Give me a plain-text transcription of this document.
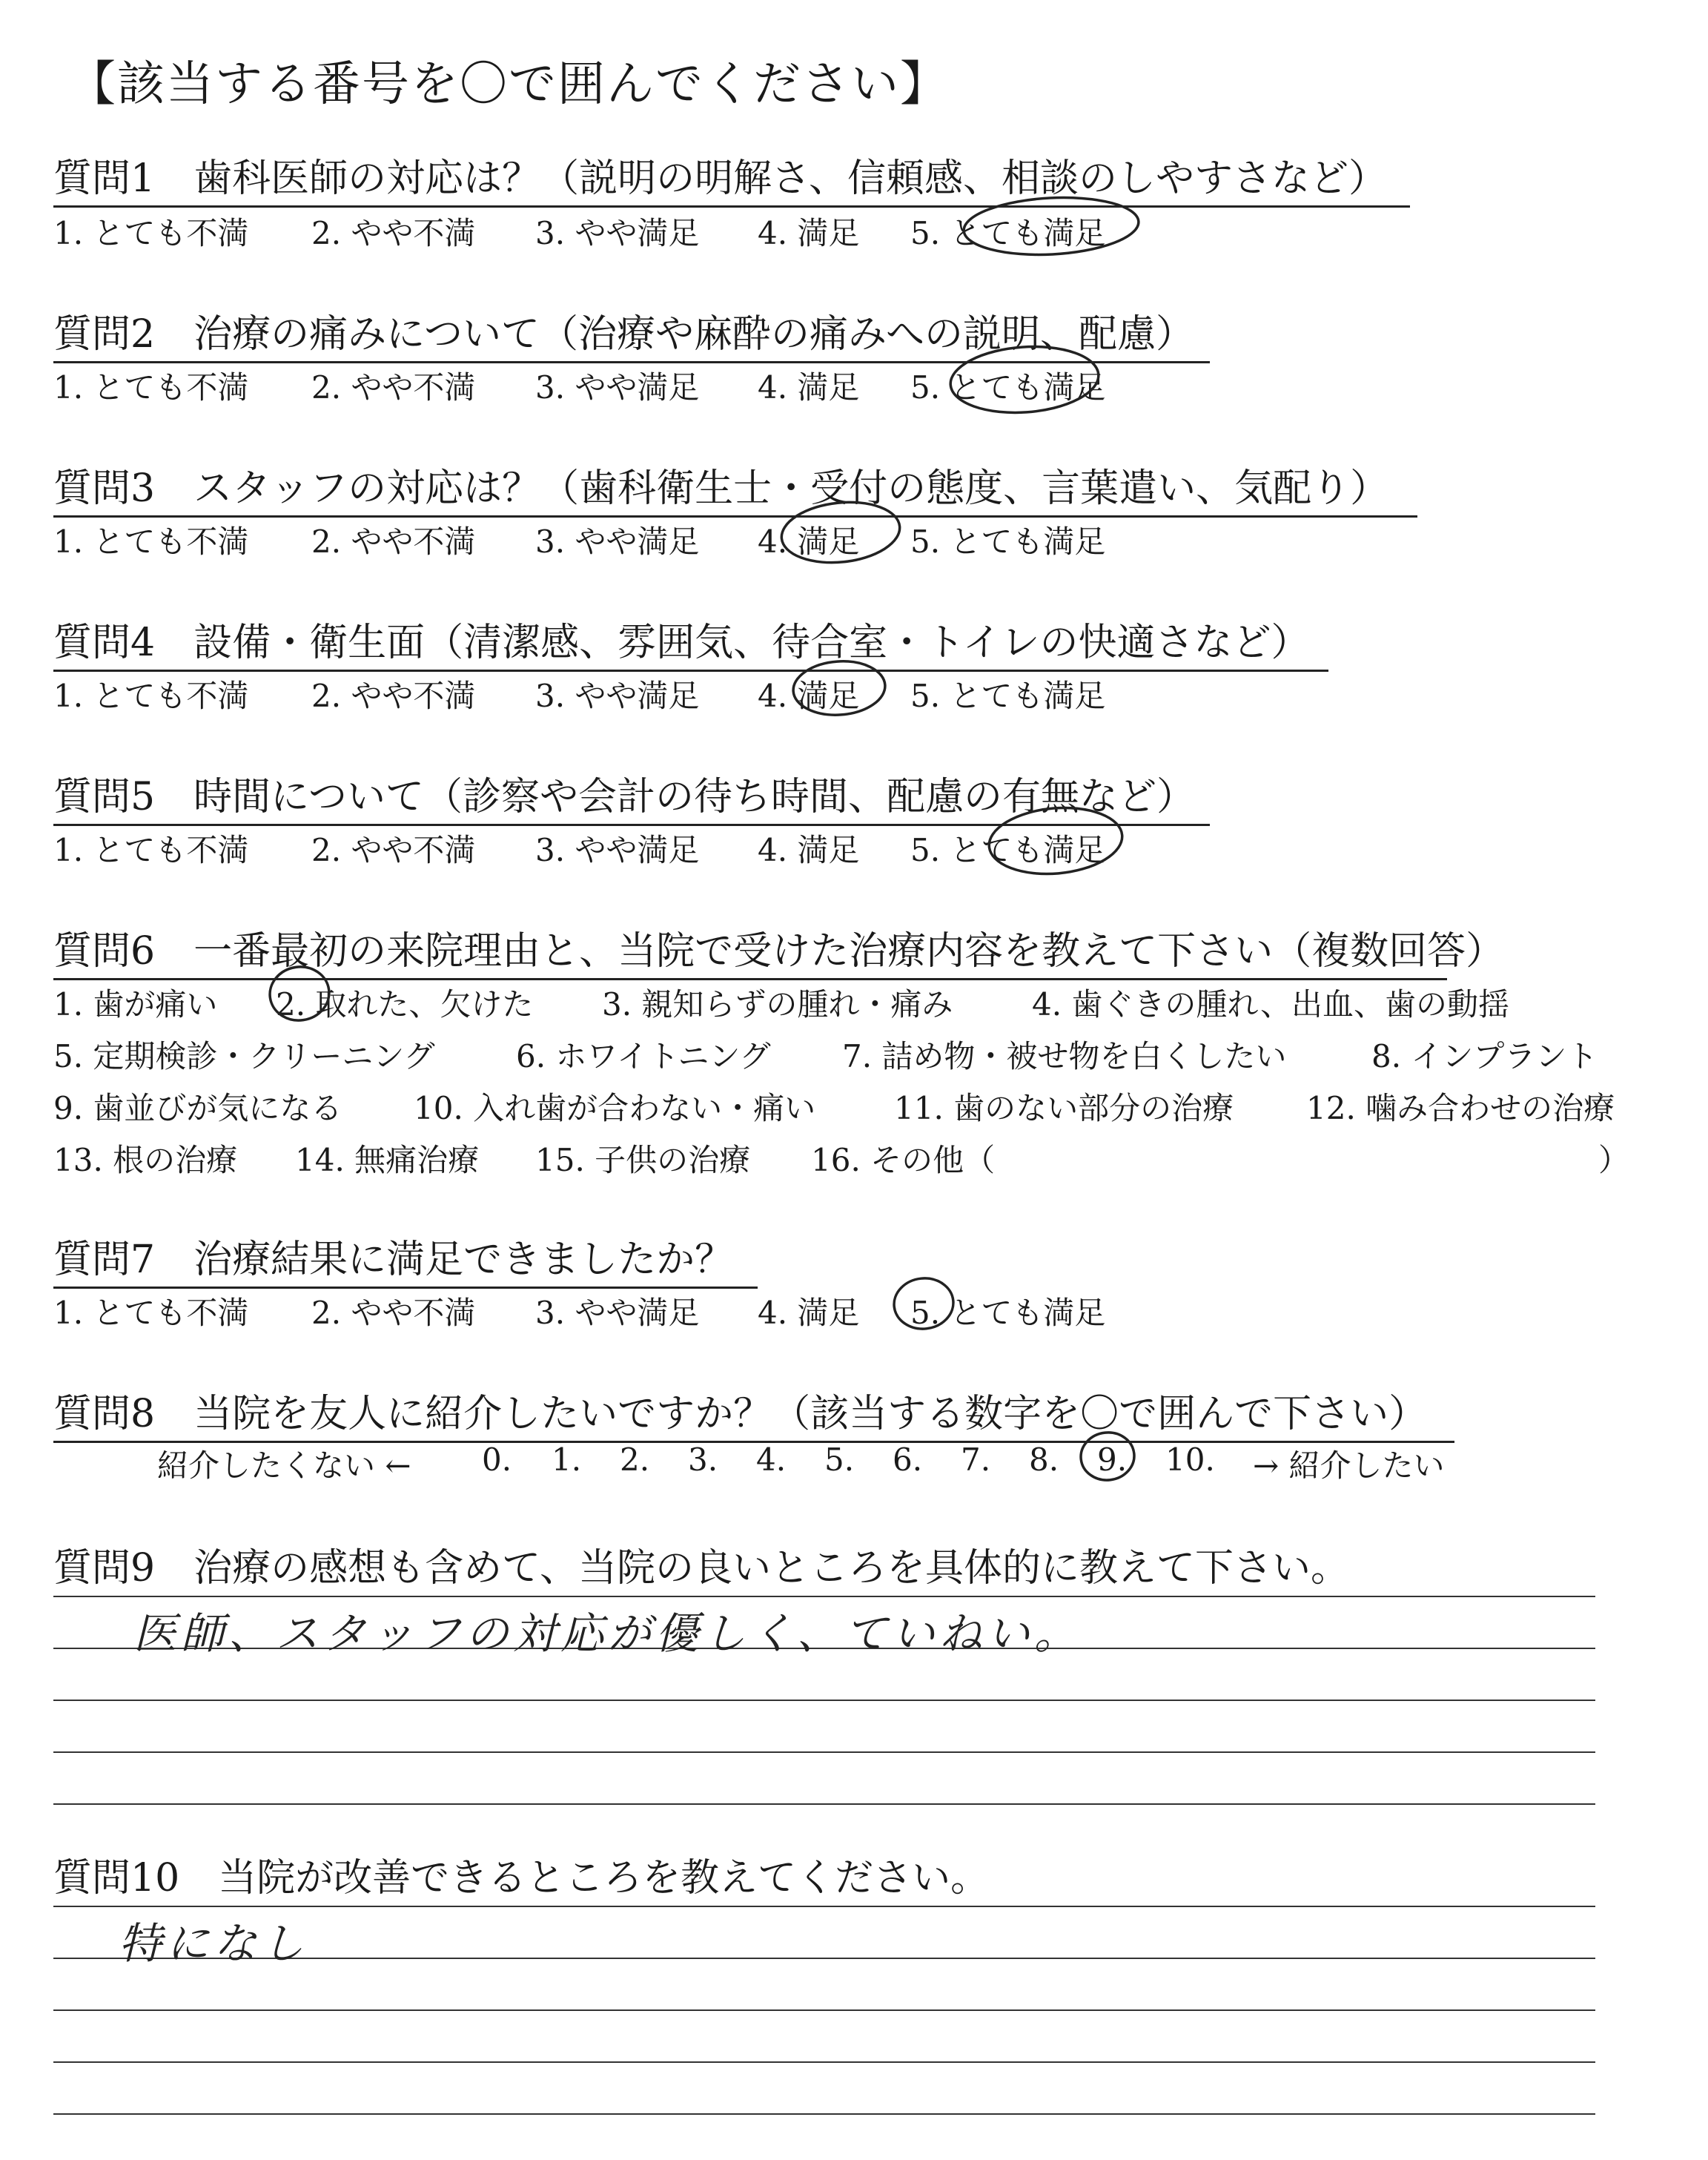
【該当する番号を〇で囲んでください】
質問1　歯科医師の対応は？（説明の明解さ、信頼感、相談のしやすさなど）
1. とても不満 2. やや不満 3. やや満足 4. 満足 5. とても満足
質問2　治療の痛みについて（治療や麻酔の痛みへの説明、配慮）
1. とても不満 2. やや不満 3. やや満足 4. 満足 5. とても満足
質問3　スタッフの対応は？（歯科衛生士・受付の態度、言葉遣い、気配り）
1. とても不満 2. やや不満 3. やや満足 4. 満足 5. とても満足
質問4　設備・衛生面（清潔感、雰囲気、待合室・トイレの快適さなど）
1. とても不満 2. やや不満 3. やや満足 4. 満足 5. とても満足
質問5　時間について（診察や会計の待ち時間、配慮の有無など）
1. とても不満 2. やや不満 3. やや満足 4. 満足 5. とても満足
質問6　一番最初の来院理由と、当院で受けた治療内容を教えて下さい（複数回答）
1. 歯が痛い 2. 取れた、欠けた 3. 親知らずの腫れ・痛み	4. 歯ぐきの腫れ、出血、歯の動揺
5. 定期検診・クリーニング	6. ホワイトニング 7. 詰め物・被せ物を白くしたい	8. インプラント
9. 歯並びが気になる 10. 入れ歯が合わない・痛い	11. 歯のない部分の治療 12. 噛み合わせの治療
13. 根の治療 14. 無痛治療 15. 子供の治療 16. その他（	）
質問7　治療結果に満足できましたか？
1. とても不満 2. やや不満 3. やや満足 4. 満足 5. とても満足
質問8　当院を友人に紹介したいですか？（該当する数字を〇で囲んで下さい）
紹介したくない ← 0. 1. 2. 3. 4. 5. 6. 7. 8. 9. 10. → 紹介したい
質問9　治療の感想も含めて、当院の良いところを具体的に教えて下さい。
医師、スタッフの対応が優しく、ていねい。
質問10　当院が改善できるところを教えてください。
特になし
